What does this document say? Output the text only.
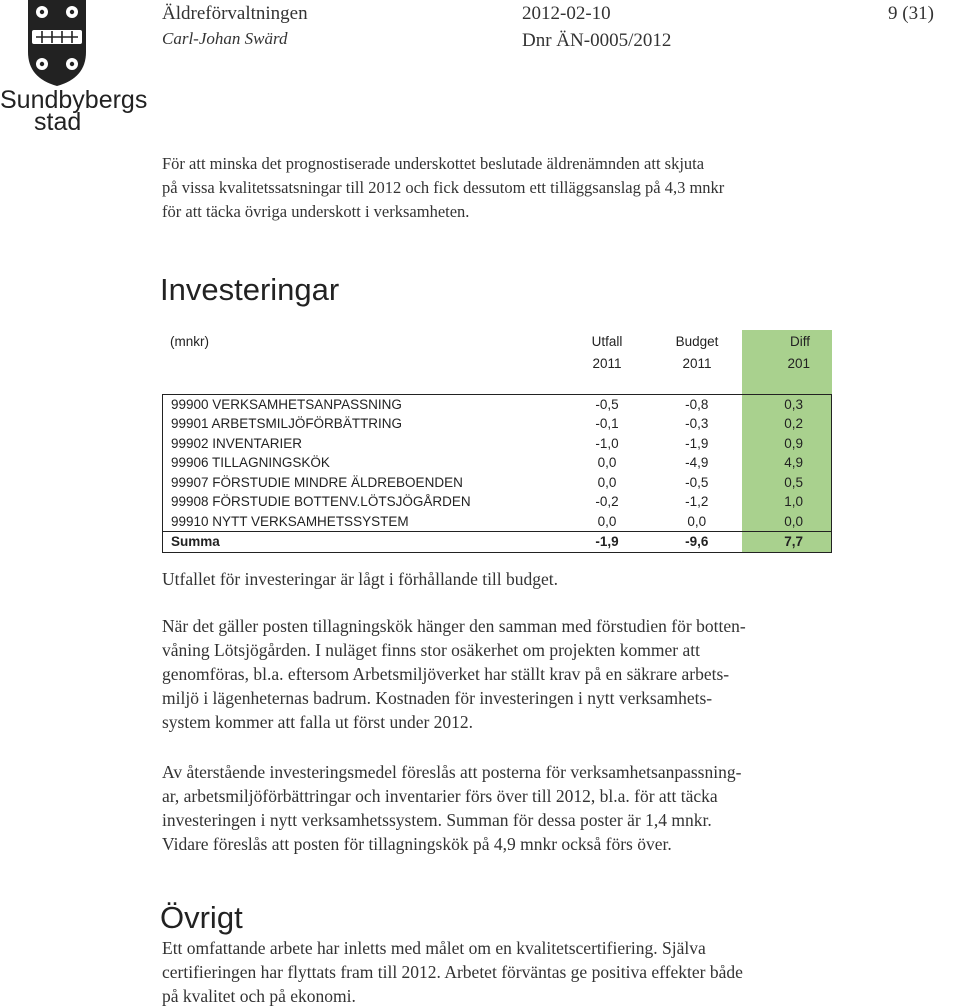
Sundbybergs
stad
Äldreförvaltningen
Carl-Johan Swärd
2012-02-10
Dnr ÄN-0005/2012
9 (31)
För att minska det prognostiserade underskottet beslutade äldrenämnden att skjuta
på vissa kvalitetssatsningar till 2012 och fick dessutom ett tilläggsanslag på 4,3 mnkr
för att täcka övriga underskott i verksamheten.
Investeringar
(mnkr)	Utfall	Budget	Diff
	2011	2011	201

99900 VERKSAMHETSANPASSNING	-0,5	-0,8	0,3
99901 ARBETSMILJÖFÖRBÄTTRING	-0,1	-0,3	0,2
99902 INVENTARIER	-1,0	-1,9	0,9
99906 TILLAGNINGSKÖK	0,0	-4,9	4,9
99907 FÖRSTUDIE MINDRE ÄLDREBOENDEN	0,0	-0,5	0,5
99908 FÖRSTUDIE BOTTENV.LÖTSJÖGÅRDEN	-0,2	-1,2	1,0
99910 NYTT VERKSAMHETSSYSTEM	0,0	0,0	0,0
Summa	-1,9	-9,6	7,7
Utfallet för investeringar är lågt i förhållande till budget.
När det gäller posten tillagningskök hänger den samman med förstudien för botten-
våning Lötsjögården. I nuläget finns stor osäkerhet om projekten kommer att
genomföras, bl.a. eftersom Arbetsmiljöverket har ställt krav på en säkrare arbets-
miljö i lägenheternas badrum. Kostnaden för investeringen i nytt verksamhets-
system kommer att falla ut först under 2012.
Av återstående investeringsmedel föreslås att posterna för verksamhetsanpassning-
ar, arbetsmiljöförbättringar och inventarier förs över till 2012, bl.a. för att täcka
investeringen i nytt verksamhetssystem. Summan för dessa poster är 1,4 mnkr.
Vidare föreslås att posten för tillagningskök på 4,9 mnkr också förs över.
Övrigt
Ett omfattande arbete har inletts med målet om en kvalitetscertifiering. Själva
certifieringen har flyttats fram till 2012. Arbetet förväntas ge positiva effekter både
på kvalitet och på ekonomi.
